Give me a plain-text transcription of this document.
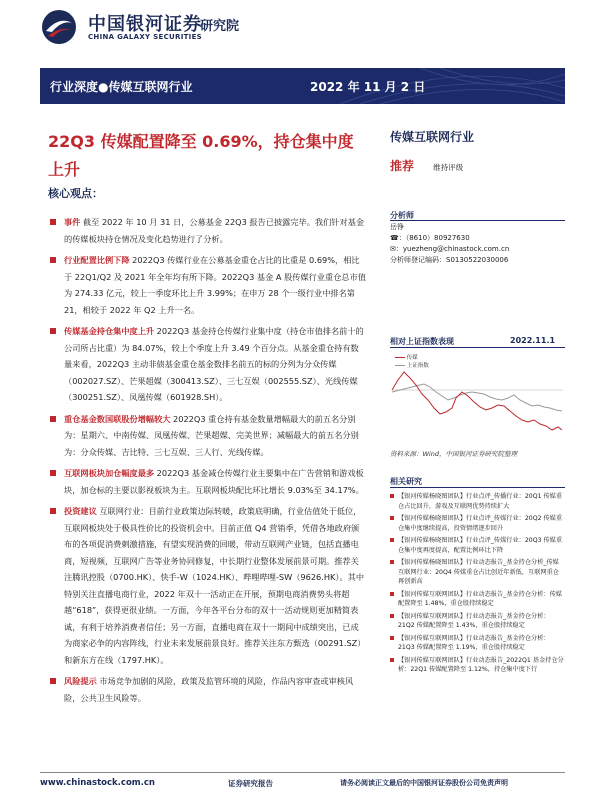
中国银河证券
CHINA GALAXY SECURITIES
研究院
行业深度●传媒互联网行业	2022 年 11 月 2 日
22Q3 传媒配置降至 0.69%，持仓集中度上升
核心观点：
事件 截至 2022 年 10 月 31 日，公募基金 22Q3 报告已披露完毕。我们针对基金的传媒板块持仓情况及变化趋势进行了分析。
行业配置比例下降 2022Q3 传媒行业在公募基金重仓占比的比重是 0.69%，相比于 22Q1/Q2 及 2021 年全年均有所下降。2022Q3 基金 A 股传媒行业重仓总市值为 274.33 亿元，较上一季度环比上升 3.99%；在申万 28 个一级行业中排名第 21，相较于 2022 年 Q2 上升一名。
传媒基金持仓集中度上升 2022Q3 基金持仓传媒行业集中度（持仓市值排名前十的公司所占比重）为 84.07%，较上个季度上升 3.49 个百分点。从基金重仓持有数量来看，2022Q3 主动非债基金重仓基金数排名前五的标的分列为分众传媒（002027.SZ）、芒果超媒（300413.SZ）、三七互娱（002555.SZ）、光线传媒（300251.SZ）、凤凰传媒（601928.SH）。
重仓基金数国联股份增幅较大 2022Q3 重仓持有基金数量增幅最大的前五名分别为：星期六、中南传媒、凤凰传媒、芒果超媒、完美世界；减幅最大的前五名分别为：分众传媒、吉比特、三七互娱、三人行、光线传媒。
互联网板块加仓幅度最多 2022Q3 基金减仓传媒行业主要集中在广告营销和游戏板块，加仓标的主要以影视板块为主。互联网板块配比环比增长 9.03%至 34.17%。
投资建议 互联网行业：目前行业政策边际转暖，政策底明确，行业估值处于低位，互联网板块处于极具性价比的投资机会中。目前正值 Q4 营销季，凭借各地政府颁布的各项促消费刺激措施，有望实现消费的回暖，带动互联网产业链，包括直播电商，短视频，互联网广告等业务协同修复，中长期行业整体发展前景可期。推荐关注腾讯控股（0700.HK）、快手-W（1024.HK）、哔哩哔哩-SW（9626.HK）。其中特别关注直播电商行业，2022 年双十一活动正在开展，预期电商消费势头将超越“618”，获得更很业绩。一方面，今年各平台分布的双十一活动规则更加精简表诚，有利于培养消费者信任；另一方面，直播电商在双十一期间中成绩突出，已成为商家必争的内容阵线，行业未来发展前景良好。推荐关注东方甄选（00291.SZ）和新东方在线（1797.HK）。
风险提示 市场竞争加剧的风险，政策及监管环境的风险，作品内容审查或审核风险，公共卫生风险等。
传媒互联网行业
推荐	维持评级
分析师
岳铮
☎：（8610）80927630
✉：yuezheng@chinastock.com.cn
分析师登记编码：S0130522030006
相对上证指数表现	2022.11.1
传媒
上证指数
资料来源：Wind，中国银河证券研究院整理
相关研究
【银河传媒杨晓图团队】行业点评_传播行业：20Q1 传媒重仓占比回升，游戏及互联网优势持续扩大
【银河传媒杨晓图团队】行业点评_传媒行业：20Q2 传媒重仓集中度继续提高，投资情绪逐步回升
【银河传媒杨晓图团队】行业点评_传媒行业：20Q3 传媒重仓集中度再度提高，配置比例环比下降
【银河传媒杨晓图团队】行业动态报告_基金持仓分析_传媒互联网行业：20Q4 传媒重仓占比创近年新低，互联网重仓再创新高
【银河传媒互联网团队】行业动态报告_基金持仓分析：传媒配置降至 1.48%，重仓股持续稳定
【银河传媒互联网团队】行业动态报告_基金持仓分析：21Q2 传媒配置降至 1.43%，重仓股持续稳定
【银河传媒互联网团队】行业动态报告_基金持仓分析：21Q3 传媒配置降至 1.19%，重仓股持续稳定
【银河传媒互联网团队】行业动态报告_2022Q1 基金持仓分析：22Q1 传媒配置降至 1.12%，持仓集中度下行
www.chinastock.com.cn	证券研究报告	请务必阅读正文最后的中国银河证券股份公司免责声明
